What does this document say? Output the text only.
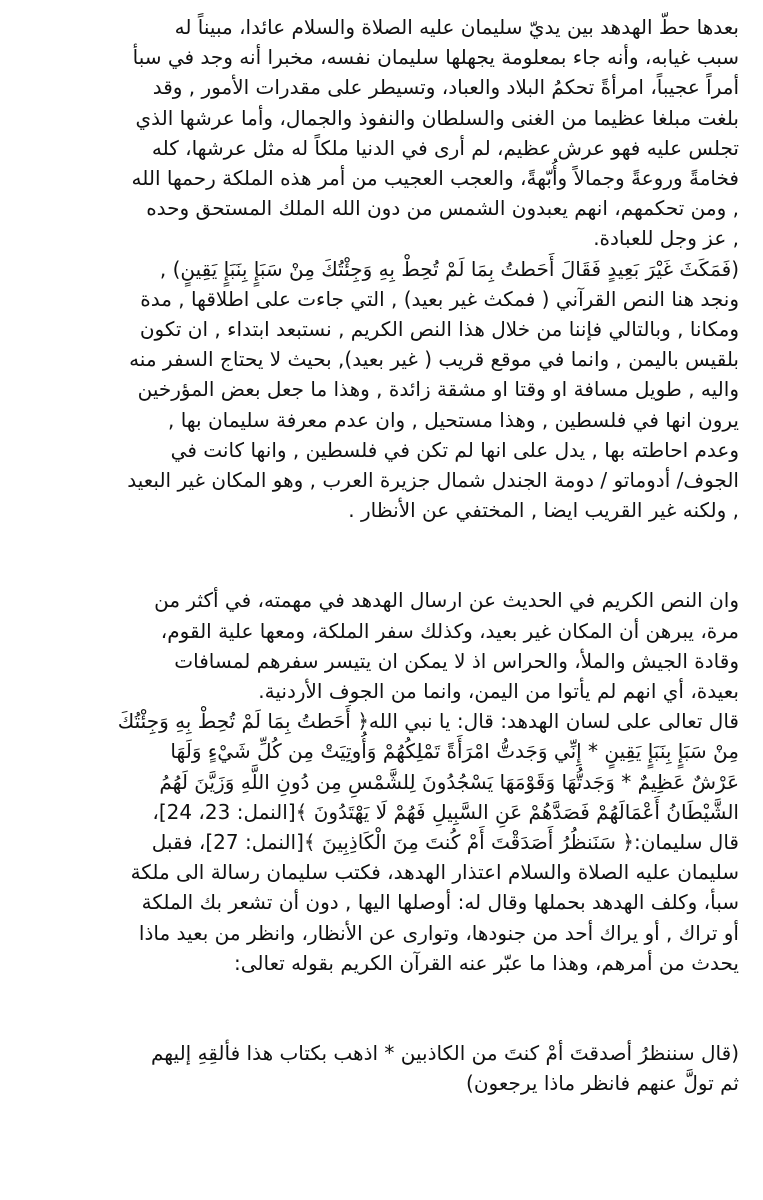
بعدها حطّ الهدهد بين يديّ سليمان عليه الصلاة والسلام عائدا، مبيناً له
سبب غيابه، وأنه جاء بمعلومة يجهلها سليمان نفسه، مخبرا أنه وجد في سبأ
أمراً عجيباً، امرأةً تحكمُ البلاد والعباد، وتسيطر على مقدرات الأمور , وقد
بلغت مبلغا عظيما من الغنى والسلطان والنفوذ والجمال، وأما عرشها الذي
تجلس عليه فهو عرش عظيم، لم أرى في الدنيا ملكاً له مثل عرشها، كله
فخامةً وروعةً وجمالاً وأُبّهةً، والعجب العجيب من أمر هذه الملكة رحمها الله
, ومن تحكمهم، انهم يعبدون الشمس من دون الله الملك المستحق وحده
, عز وجل للعبادة.
(فَمَكَثَ غَيْرَ بَعِيدٍ فَقَالَ أَحَطتُ بِمَا لَمْ تُحِطْ بِهِ وَجِئْتُكَ مِنْ سَبَإٍ بِنَبَإٍ يَقِينٍ) ,
ونجد هنا النص القرآني ( فمكث غير بعيد) , التي جاءت على اطلاقها , مدة
ومكانا , وبالتالي فإننا من خلال هذا النص الكريم , نستبعد ابتداء , ان تكون
بلقيس باليمن , وانما في موقع قريب ( غير بعيد), بحيث لا يحتاج السفر منه
واليه , طويل مسافة او وقتا او مشقة زائدة , وهذا ما جعل بعض المؤرخين
يرون انها في فلسطين , وهذا مستحيل , وان عدم معرفة سليمان بها ,
وعدم احاطته بها , يدل على انها لم تكن في فلسطين , وانها كانت في
الجوف/ أدوماتو / دومة الجندل شمال جزيرة العرب , وهو المكان غير البعيد
, ولكنه غير القريب ايضا , المختفي عن الأنظار .
وان النص الكريم في الحديث عن ارسال الهدهد في مهمته، في أكثر من
مرة، يبرهن أن المكان غير بعيد، وكذلك سفر الملكة، ومعها علية القوم،
وقادة الجيش والملأ، والحراس اذ لا يمكن ان يتيسر سفرهم لمسافات
بعيدة، أي انهم لم يأتوا من اليمن، وانما من الجوف الأردنية.
قال تعالى على لسان الهدهد: قال: يا نبي الله﴿ أَحَطتُ بِمَا لَمْ تُحِطْ بِهِ وَجِئْتُكَ
مِنْ سَبَإٍ بِنَبَإٍ يَقِينٍ * إِنِّي وَجَدتُّ امْرَأَةً تَمْلِكُهُمْ وَأُوتِيَتْ مِن كُلِّ شَيْءٍ وَلَهَا
عَرْشٌ عَظِيمٌ * وَجَدتُّهَا وَقَوْمَهَا يَسْجُدُونَ لِلشَّمْسِ مِن دُونِ اللَّهِ وَزَيَّنَ لَهُمُ
الشَّيْطَانُ أَعْمَالَهُمْ فَصَدَّهُمْ عَنِ السَّبِيلِ فَهُمْ لَا يَهْتَدُونَ ﴾[النمل: 23، 24]،
قال سليمان:﴿ سَنَنظُرُ أَصَدَقْتَ أَمْ كُنتَ مِنَ الْكَاذِبِينَ ﴾[النمل: 27]، فقبل
سليمان عليه الصلاة والسلام اعتذار الهدهد، فكتب سليمان رسالة الى ملكة
سبأ، وكلف الهدهد بحملها وقال له: أوصلها اليها , دون أن تشعر بك الملكة
أو تراك , أو يراك أحد من جنودها، وتوارى عن الأنظار، وانظر من بعيد ماذا
يحدث من أمرهم، وهذا ما عبّر عنه القرآن الكريم بقوله تعالى:
(قال سننظرُ أصدقتَ أمْ كنتَ من الكاذبين * اذهب بكتاب هذا فألقِهِ إليهم
ثم تولَّ عنهم فانظر ماذا يرجعون)
